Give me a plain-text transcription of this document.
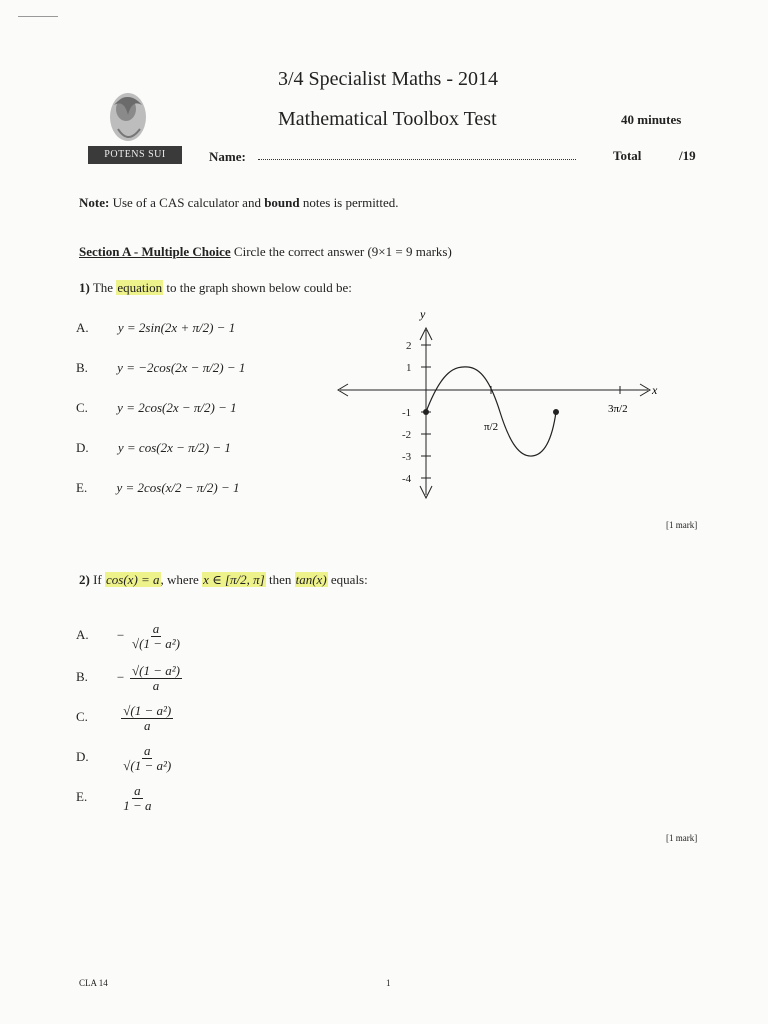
POTENS SUI
3/4 Specialist Maths - 2014
Mathematical Toolbox Test	40 minutes
Name:	Total	/19
Note: Use of a CAS calculator and bound notes is permitted.
Section A - Multiple Choice Circle the correct answer (9×1 = 9 marks)
1) The equation to the graph shown below could be:
A. y = 2sin(2x + π/2) − 1
B. y = −2cos(2x − π/2) − 1
C. y = 2cos(2x − π/2) − 1
D. y = cos(2x − π/2) − 1
E. y = 2cos(x/2 − π/2) − 1
x
y
2
1
-1
-2
-3
-4
π/2
3π/2
[1 mark]
2) If cos(x) = a, where x ∈ [π/2, π] then tan(x) equals:
A. − $\frac{a}{\text{√(1 − a²)}}$
B. − $\frac{\text{√(1 − a²)}}{a}$
C.	$\frac{\text{√(1 − a²)}}{a}$
D.	$\frac{a}{\text{√(1 − a²)}}$
E.	$\frac{a}{1 - a}$
[1 mark]
CLA 14	1
